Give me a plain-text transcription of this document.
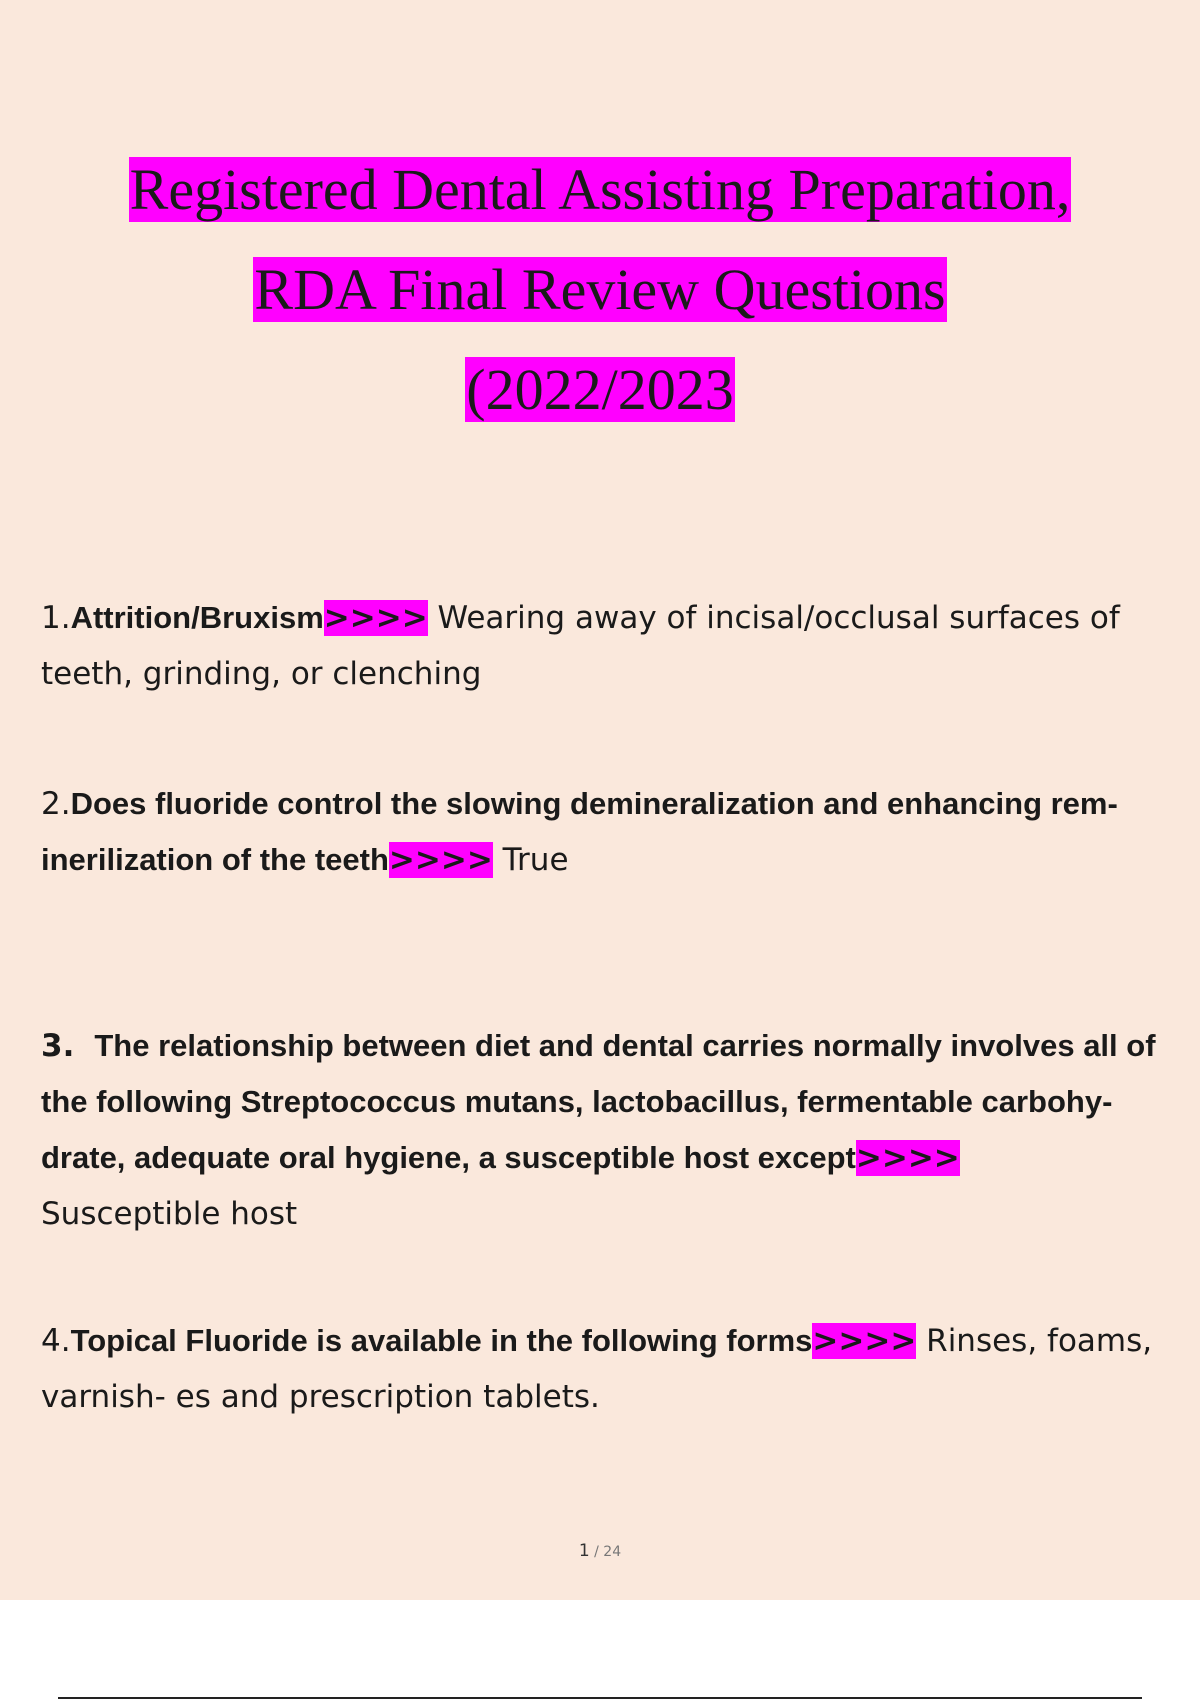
Registered Dental Assisting Preparation,
RDA Final Review Questions
(2022/2023
1.Attrition/Bruxism>>>> Wearing away of incisal/occlusal surfaces of teeth, grinding, or clenching
2.Does fluoride control the slowing demineralization and enhancing rem- inerilization of the teeth>>>> True
3. The relationship between diet and dental carries normally involves all of the following Streptococcus mutans, lactobacillus, fermentable carbohy- drate, adequate oral hygiene, a susceptible host except>>>>
Susceptible host
4.Topical Fluoride is available in the following forms>>>> Rinses, foams, varnish- es and prescription tablets.
1 / 24
